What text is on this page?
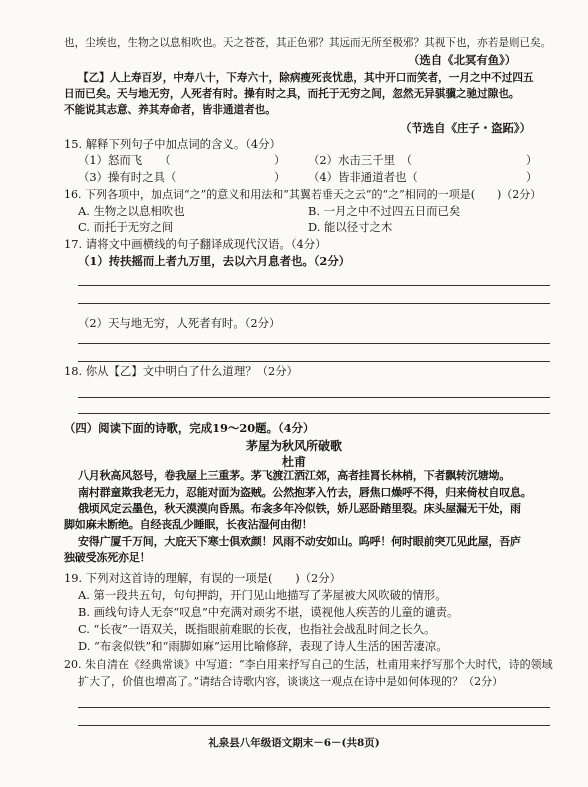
也，尘埃也，生物之以息相吹也。天之苍苍，其正色邪？其远而无所至极邪？其视下也，亦若是则已矣。
（选自《北冥有鱼》）
【乙】人上寿百岁，中寿八十，下寿六十，除病瘦死丧忧患，其中开口而笑者，一月之中不过四五
日而已矣。天与地无穷，人死者有时。操有时之具，而托于无穷之间，忽然无异骐骥之驰过隙也。
不能说其志意、养其寿命者，皆非通道者也。
（节选自《庄子・盗跖》）
15. 解释下列句子中加点词的含义。（4分）
（1）怒而飞　　（	） （2）水击三千里　（	）
（3）操有时之具（	） （4）皆非通道者也（	）
16. 下列各项中，加点词“之”的意义和用法和“其翼若垂天之云”的“之”相同的一项是(　　)（2分）
A. 生物之以息相吹也	B. 一月之中不过四五日而已矣
C. 而托于无穷之间	D. 能以径寸之木
17. 请将文中画横线的句子翻译成现代汉语。（4分）
（1）抟扶摇而上者九万里，去以六月息者也。（2分）
（2）天与地无穷，人死者有时。（2分）
18. 你从【乙】文中明白了什么道理？（2分）
（四）阅读下面的诗歌，完成19～20题。（4分）
茅屋为秋风所破歌
杜甫
八月秋高风怒号，卷我屋上三重茅。茅飞渡江洒江郊，高者挂罥长林梢，下者飘转沉塘坳。
南村群童欺我老无力，忍能对面为盗贼。公然抱茅入竹去，唇焦口燥呼不得，归来倚杖自叹息。
俄顷风定云墨色，秋天漠漠向昏黑。布衾多年冷似铁，娇儿恶卧踏里裂。床头屋漏无干处，雨
脚如麻未断绝。自经丧乱少睡眠，长夜沾湿何由彻！
安得广厦千万间，大庇天下寒士俱欢颜！风雨不动安如山。呜呼！何时眼前突兀见此屋，吾庐
独破受冻死亦足！
19. 下列对这首诗的理解，有误的一项是(　　)（2分）
A. 第一段共五句，句句押韵，开门见山地描写了茅屋被大风吹破的情形。
B. 画线句诗人无奈“叹息”中充满对顽劣不堪，谟视他人疾苦的儿童的谴责。
C. “长夜”一语双关，既指眼前难眠的长夜，也指社会战乱时间之长久。
D. “布衾似铁”和“雨脚如麻”运用比喻修辞，表现了诗人生活的困苦凄凉。
20. 朱自清在《经典常谈》中写道：“李白用来抒写自己的生活，杜甫用来抒写那个大时代，诗的领域
扩大了，价值也增高了。”请结合诗歌内容，谈谈这一观点在诗中是如何体现的？（2分）
礼泉县八年级语文期末－6－(共8页)
